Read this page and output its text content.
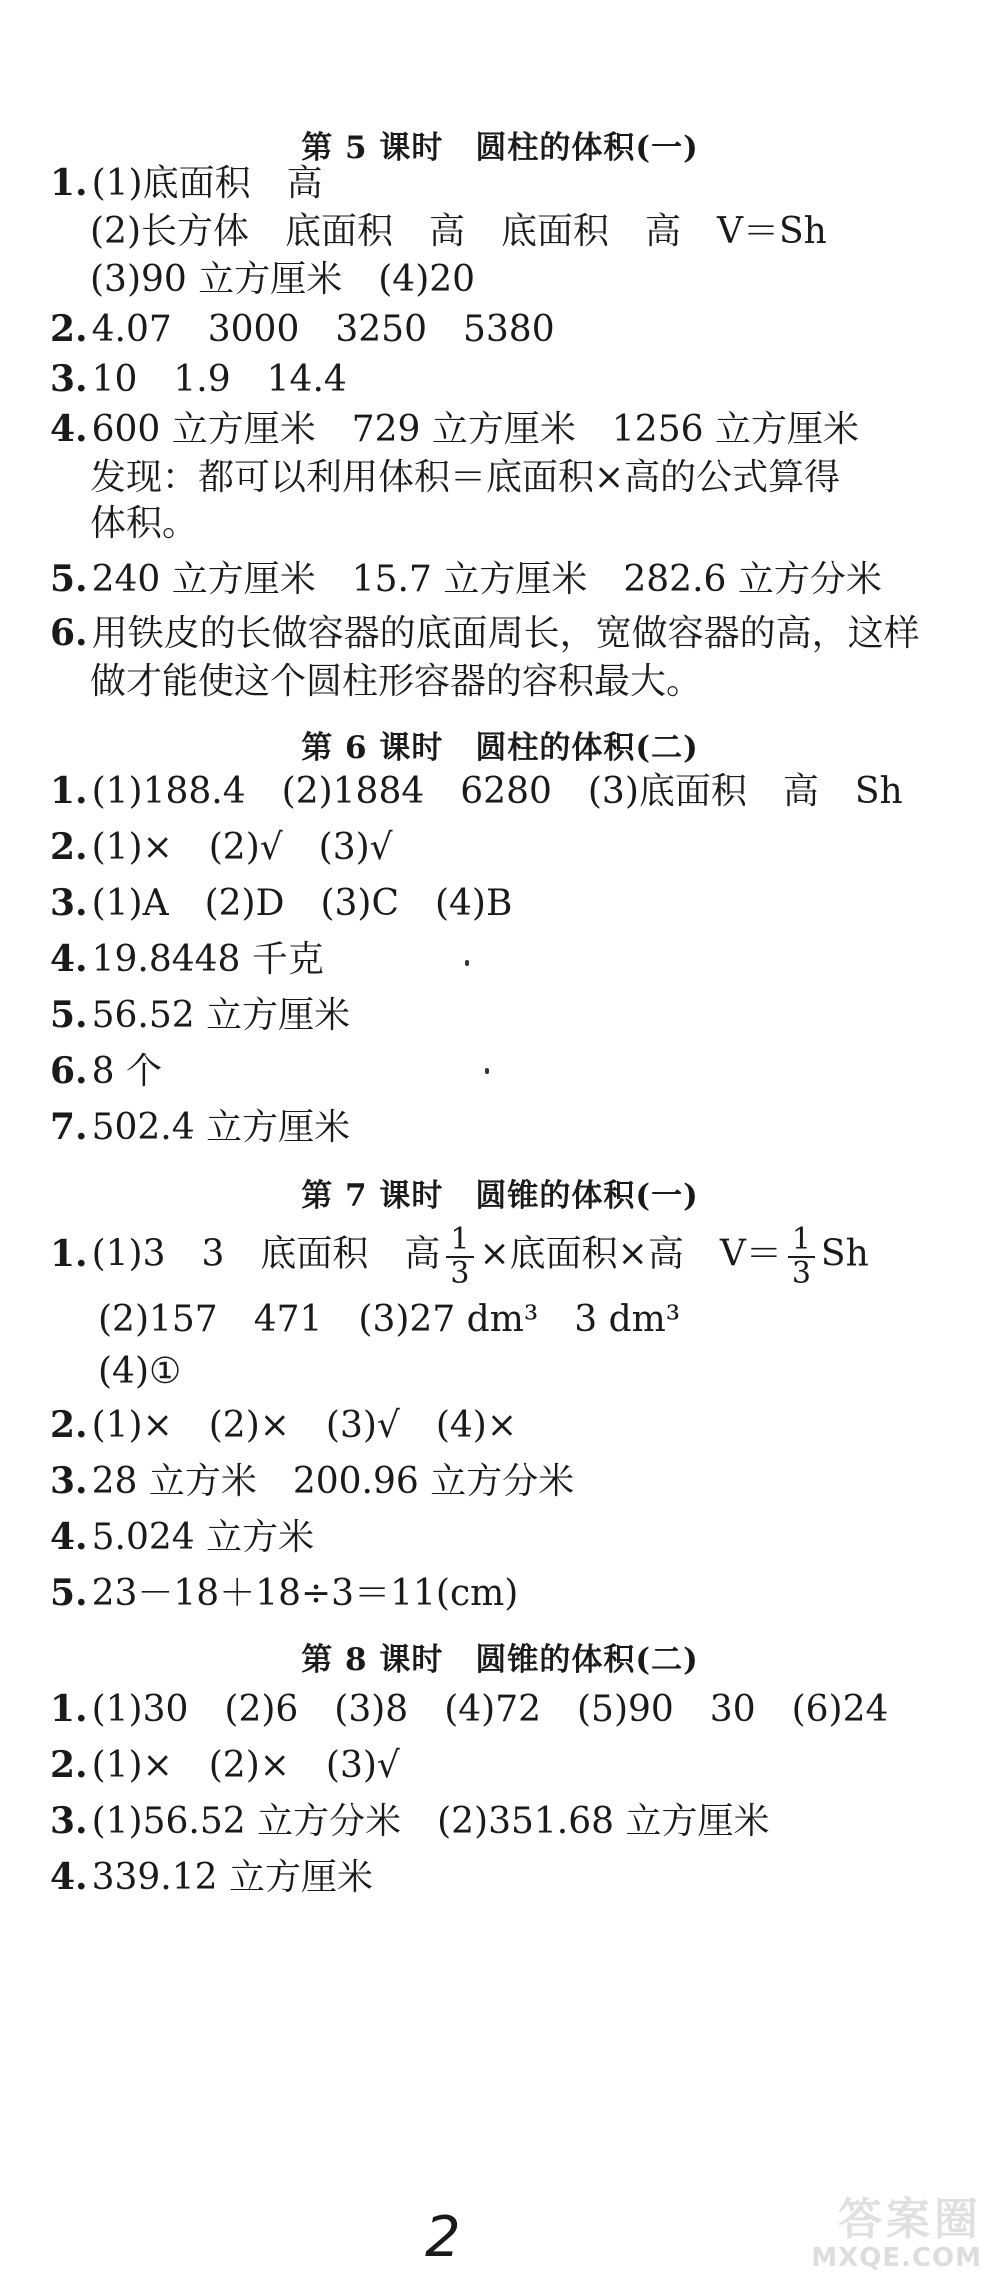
第 5 课时　圆柱的体积(一)
1. (1)底面积　高
(2)长方体　底面积　高　底面积　高　V＝Sh
(3)90 立方厘米　(4)20
2. 4.07　3000　3250　5380
3. 10　1.9　14.4
4. 600 立方厘米　729 立方厘米　1256 立方厘米
发现：都可以利用体积＝底面积×高的公式算得
体积。
5. 240 立方厘米　15.7 立方厘米　282.6 立方分米
6. 用铁皮的长做容器的底面周长，宽做容器的高，这样
做才能使这个圆柱形容器的容积最大。
第 6 课时　圆柱的体积(二)
1. (1)188.4　(2)1884　6280　(3)底面积　高　Sh
2. (1)×　(2)√　(3)√
3. (1)A　(2)D　(3)C　(4)B
4. 19.8448 千克
5. 56.52 立方厘米
6. 8 个
7. 502.4 立方厘米
第 7 课时　圆锥的体积(一)
1. (1)3　3　底面积　高 $\frac{1}{3}$ ×底面积×高　$V= \frac{1}{3}$ Sh
(2)157　471　(3)27 dm³　3 dm³
(4)①
2. (1)×　(2)×　(3)√　(4)×
3. 28 立方米　200.96 立方分米
4. 5.024 立方米
5. 23－18＋18÷3＝11(cm)
第 8 课时　圆锥的体积(二)
1. (1)30　(2)6　(3)8　(4)72　(5)90　30　(6)24
2. (1)×　(2)×　(3)√
3. (1)56.52 立方分米　(2)351.68 立方厘米
4. 339.12 立方厘米
2	答案圈
MXQE.COM
